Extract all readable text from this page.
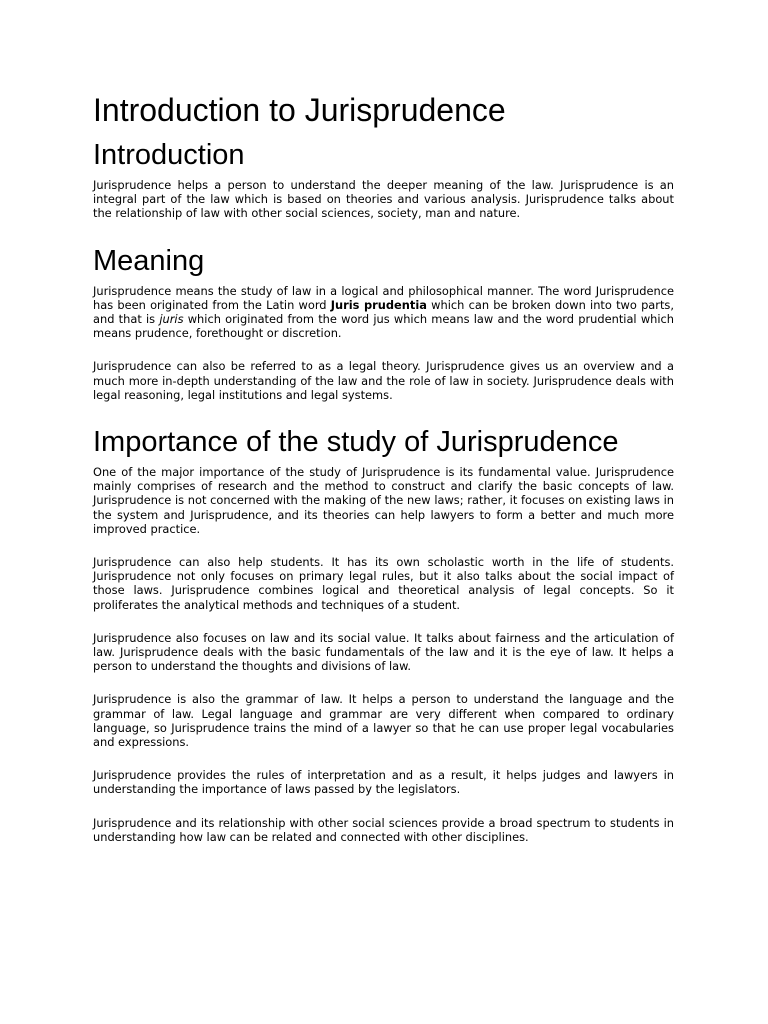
Introduction to Jurisprudence
Introduction

Jurisprudence helps a person to understand the deeper meaning of the law. Jurisprudence is an integral part of the law which is based on theories and various analysis. Jurisprudence talks about the relationship of law with other social sciences, society, man and nature.

Meaning

Jurisprudence means the study of law in a logical and philosophical manner. The word Jurisprudence has been originated from the Latin word Juris prudentia which can be broken down into two parts, and that is juris which originated from the word jus which means law and the word prudential which means prudence, forethought or discretion.

Jurisprudence can also be referred to as a legal theory. Jurisprudence gives us an overview and a much more in-depth understanding of the law and the role of law in society. Jurisprudence deals with legal reasoning, legal institutions and legal systems.

Importance of the study of Jurisprudence

One of the major importance of the study of Jurisprudence is its fundamental value. Jurisprudence mainly comprises of research and the method to construct and clarify the basic concepts of law. Jurisprudence is not concerned with the making of the new laws; rather, it focuses on existing laws in the system and Jurisprudence, and its theories can help lawyers to form a better and much more improved practice.

Jurisprudence can also help students. It has its own scholastic worth in the life of students. Jurisprudence not only focuses on primary legal rules, but it also talks about the social impact of those laws. Jurisprudence combines logical and theoretical analysis of legal concepts. So it proliferates the analytical methods and techniques of a student.

Jurisprudence also focuses on law and its social value. It talks about fairness and the articulation of law. Jurisprudence deals with the basic fundamentals of the law and it is the eye of law. It helps a person to understand the thoughts and divisions of law.

Jurisprudence is also the grammar of law. It helps a person to understand the language and the grammar of law. Legal language and grammar are very different when compared to ordinary language, so Jurisprudence trains the mind of a lawyer so that he can use proper legal vocabularies and expressions.

Jurisprudence provides the rules of interpretation and as a result, it helps judges and lawyers in understanding the importance of laws passed by the legislators.

Jurisprudence and its relationship with other social sciences provide a broad spectrum to students in understanding how law can be related and connected with other disciplines.
